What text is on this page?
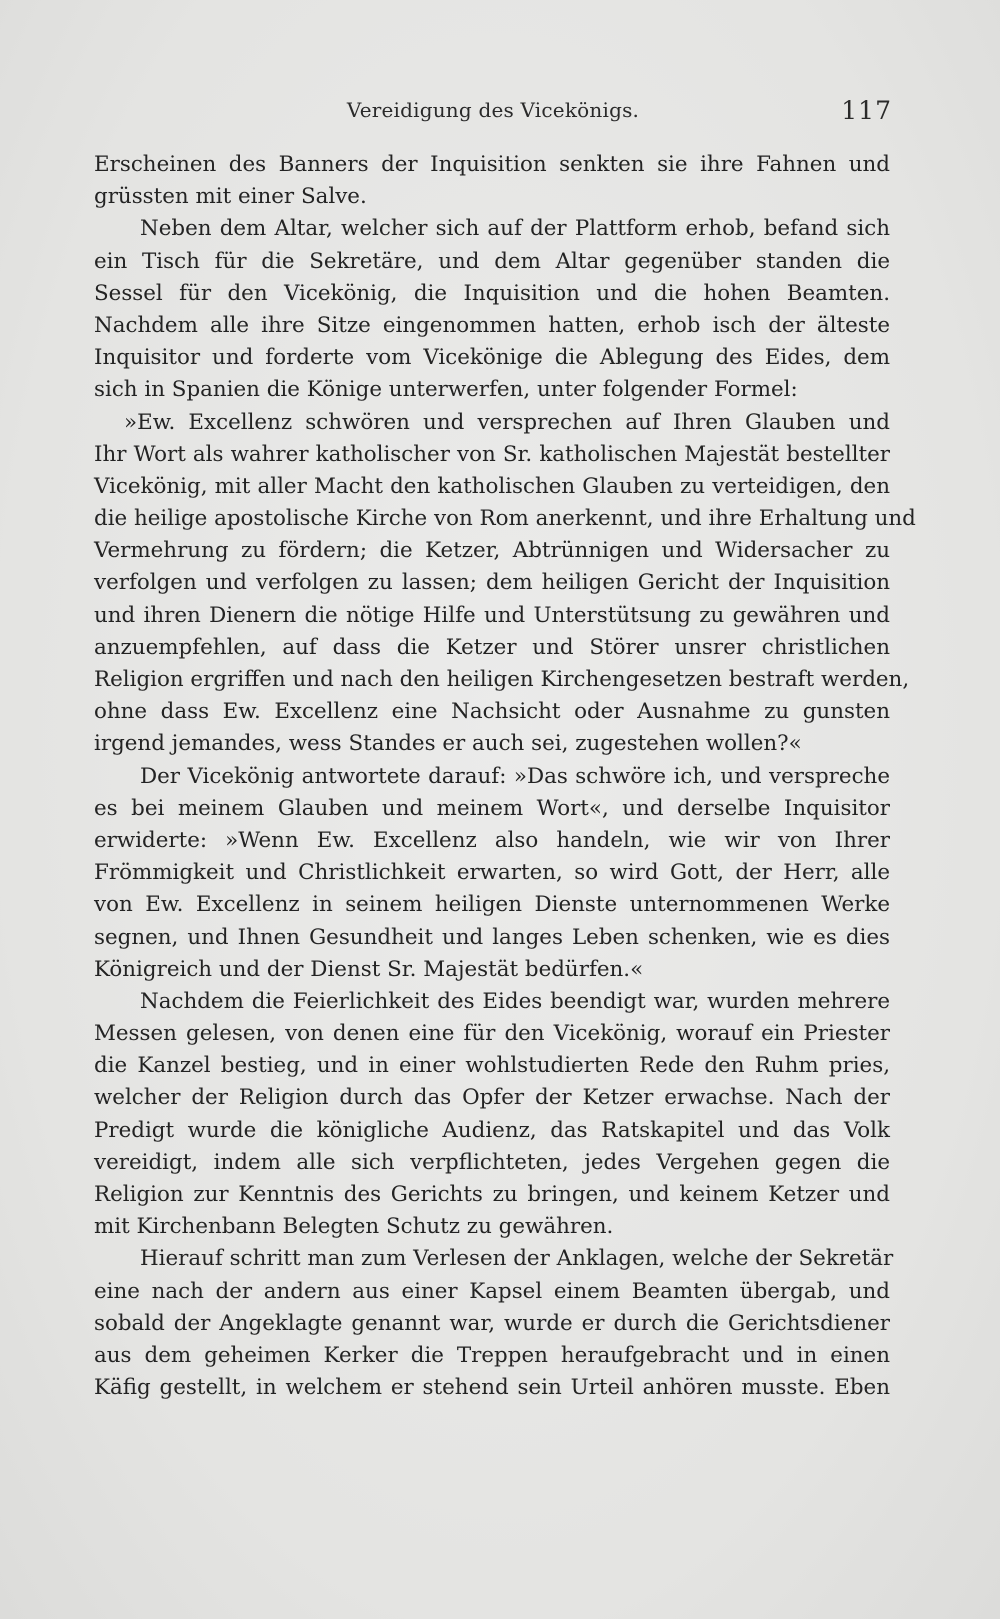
Vereidigung des Vicekönigs.	117
Erscheinen des Banners der Inquisition senkten sie ihre Fahnen und
grüssten mit einer Salve.
Neben dem Altar, welcher sich auf der Plattform erhob, befand sich
ein Tisch für die Sekretäre, und dem Altar gegenüber standen die
Sessel für den Vicekönig, die Inquisition und die hohen Beamten.
Nachdem alle ihre Sitze eingenommen hatten, erhob isch der älteste
Inquisitor und forderte vom Vicekönige die Ablegung des Eides, dem
sich in Spanien die Könige unterwerfen, unter folgender Formel:
»Ew. Excellenz schwören und versprechen auf Ihren Glauben und
Ihr Wort als wahrer katholischer von Sr. katholischen Majestät bestellter
Vicekönig, mit aller Macht den katholischen Glauben zu verteidigen, den
die heilige apostolische Kirche von Rom anerkennt, und ihre Erhaltung und
Vermehrung zu fördern; die Ketzer, Abtrünnigen und Widersacher zu
verfolgen und verfolgen zu lassen; dem heiligen Gericht der Inquisition
und ihren Dienern die nötige Hilfe und Unterstütsung zu gewähren und
anzuempfehlen, auf dass die Ketzer und Störer unsrer christlichen
Religion ergriffen und nach den heiligen Kirchengesetzen bestraft werden,
ohne dass Ew. Excellenz eine Nachsicht oder Ausnahme zu gunsten
irgend jemandes, wess Standes er auch sei, zugestehen wollen?«
Der Vicekönig antwortete darauf: »Das schwöre ich, und verspreche
es bei meinem Glauben und meinem Wort«, und derselbe Inquisitor
erwiderte: »Wenn Ew. Excellenz also handeln, wie wir von Ihrer
Frömmigkeit und Christlichkeit erwarten, so wird Gott, der Herr, alle
von Ew. Excellenz in seinem heiligen Dienste unternommenen Werke
segnen, und Ihnen Gesundheit und langes Leben schenken, wie es dies
Königreich und der Dienst Sr. Majestät bedürfen.«
Nachdem die Feierlichkeit des Eides beendigt war, wurden mehrere
Messen gelesen, von denen eine für den Vicekönig, worauf ein Priester
die Kanzel bestieg, und in einer wohlstudierten Rede den Ruhm pries,
welcher der Religion durch das Opfer der Ketzer erwachse. Nach der
Predigt wurde die königliche Audienz, das Ratskapitel und das Volk
vereidigt, indem alle sich verpflichteten, jedes Vergehen gegen die
Religion zur Kenntnis des Gerichts zu bringen, und keinem Ketzer und
mit Kirchenbann Belegten Schutz zu gewähren.
Hierauf schritt man zum Verlesen der Anklagen, welche der Sekretär
eine nach der andern aus einer Kapsel einem Beamten übergab, und
sobald der Angeklagte genannt war, wurde er durch die Gerichtsdiener
aus dem geheimen Kerker die Treppen heraufgebracht und in einen
Käfig gestellt, in welchem er stehend sein Urteil anhören musste. Eben
